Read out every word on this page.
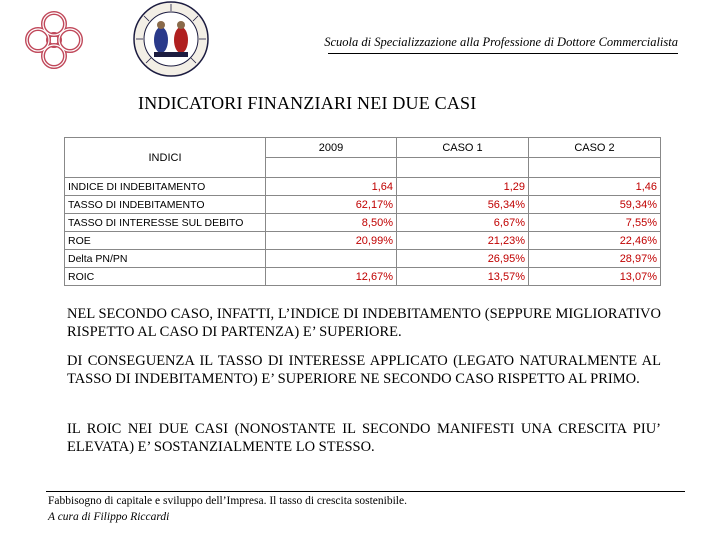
Scuola di Specializzazione alla Professione di Dottore Commercialista
INDICATORI FINANZIARI NEI DUE CASI
INDICI	2009	CASO 1	CASO 2

INDICE DI INDEBITAMENTO	1,64	1,29	1,46
TASSO DI INDEBITAMENTO	62,17%	56,34%	59,34%
TASSO DI INTERESSE SUL DEBITO	8,50%	6,67%	7,55%
ROE	20,99%	21,23%	22,46%
Delta PN/PN		26,95%	28,97%
ROIC	12,67%	13,57%	13,07%
NEL SECONDO CASO, INFATTI, L’INDICE DI INDEBITAMENTO (SEPPURE MIGLIORATIVO RISPETTO AL CASO DI PARTENZA) E’ SUPERIORE.
DI CONSEGUENZA IL TASSO DI INTERESSE APPLICATO (LEGATO NATURALMENTE AL TASSO DI INDEBITAMENTO) E’ SUPERIORE NE SECONDO CASO RISPETTO AL PRIMO.
IL ROIC NEI DUE CASI (NONOSTANTE IL SECONDO MANIFESTI UNA CRESCITA PIU’ ELEVATA) E’ SOSTANZIALMENTE LO STESSO.
Fabbisogno di capitale e sviluppo dell’Impresa. Il tasso di crescita sostenibile.
A cura di Filippo Riccardi
